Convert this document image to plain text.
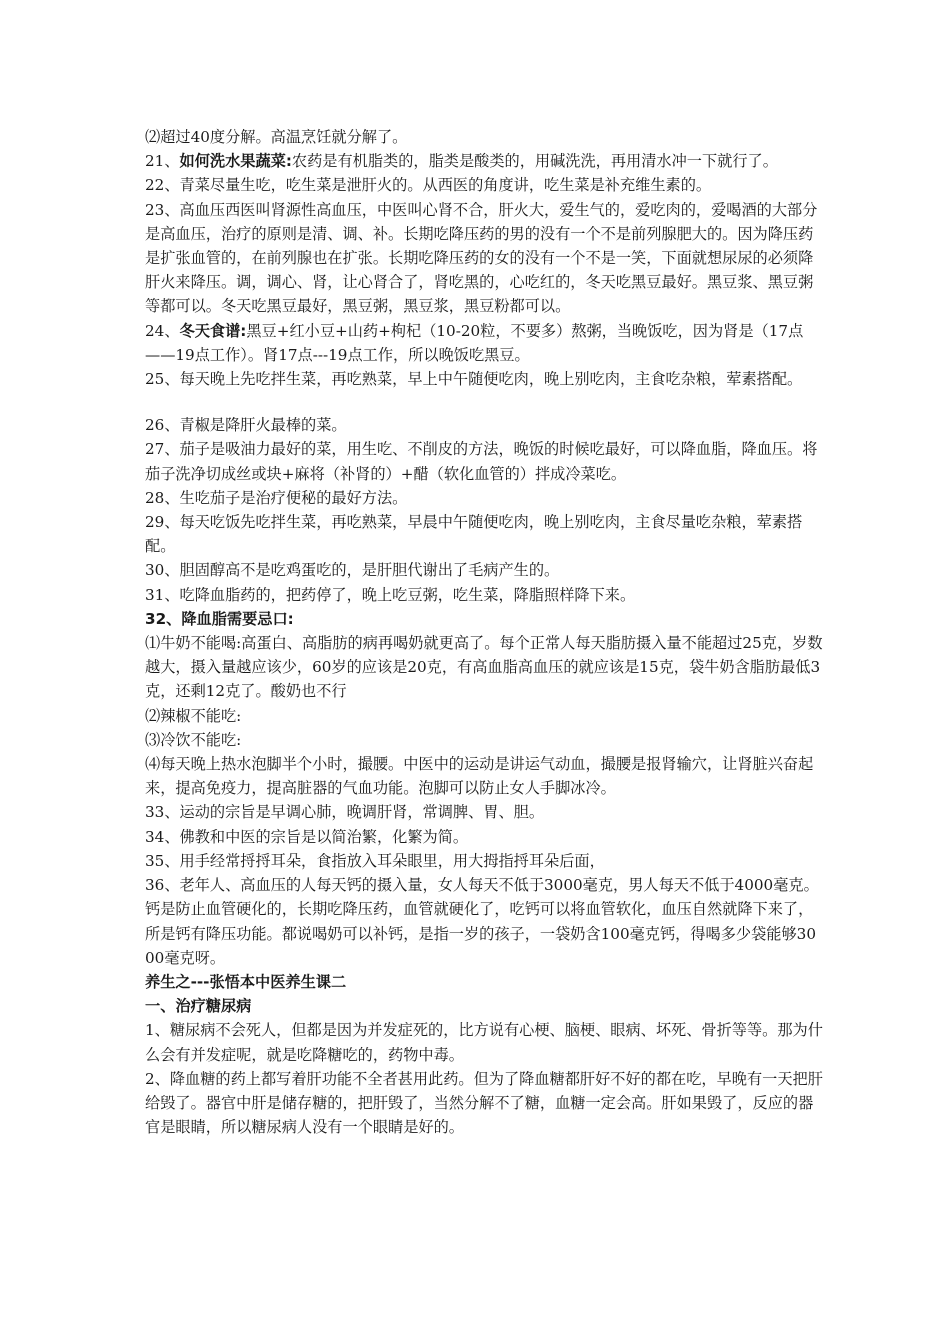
⑵超过40度分解。高温烹饪就分解了。

21、如何洗水果蔬菜:农药是有机脂类的，脂类是酸类的，用碱洗洗，再用清水冲一下就行了。

22、青菜尽量生吃，吃生菜是泄肝火的。从西医的角度讲，吃生菜是补充维生素的。

23、高血压西医叫肾源性高血压，中医叫心肾不合，肝火大，爱生气的，爱吃肉的，爱喝酒的大部分是高血压，治疗的原则是清、调、补。长期吃降压药的男的没有一个不是前列腺肥大的。因为降压药是扩张血管的，在前列腺也在扩张。长期吃降压药的女的没有一个不是一笑，下面就想尿尿的必须降肝火来降压。调，调心、肾，让心肾合了，肾吃黑的，心吃红的，冬天吃黑豆最好。黑豆浆、黑豆粥等都可以。冬天吃黑豆最好，黑豆粥，黑豆浆，黑豆粉都可以。

24、冬天食谱:黑豆+红小豆+山药+枸杞（10-20粒，不要多）熬粥，当晚饭吃，因为肾是（17点——19点工作）。肾17点---19点工作，所以晚饭吃黑豆。

25、每天晚上先吃拌生菜，再吃熟菜，早上中午随便吃肉，晚上别吃肉，主食吃杂粮，荤素搭配。

26、青椒是降肝火最棒的菜。

27、茄子是吸油力最好的菜，用生吃、不削皮的方法，晚饭的时候吃最好，可以降血脂，降血压。将茄子洗净切成丝或块+麻将（补肾的）+醋（软化血管的）拌成冷菜吃。

28、生吃茄子是治疗便秘的最好方法。

29、每天吃饭先吃拌生菜，再吃熟菜，早晨中午随便吃肉，晚上别吃肉，主食尽量吃杂粮，荤素搭配。

30、胆固醇高不是吃鸡蛋吃的，是肝胆代谢出了毛病产生的。

31、吃降血脂药的，把药停了，晚上吃豆粥，吃生菜，降脂照样降下来。

32、降血脂需要忌口:

⑴牛奶不能喝:高蛋白、高脂肪的病再喝奶就更高了。每个正常人每天脂肪摄入量不能超过25克，岁数越大，摄入量越应该少，60岁的应该是20克，有高血脂高血压的就应该是15克，袋牛奶含脂肪最低3克，还剩12克了。酸奶也不行

⑵辣椒不能吃:

⑶冷饮不能吃:

⑷每天晚上热水泡脚半个小时，撮腰。中医中的运动是讲运气动血，撮腰是报肾输穴，让肾脏兴奋起来，提高免疫力，提高脏器的气血功能。泡脚可以防止女人手脚冰冷。

33、运动的宗旨是早调心肺，晚调肝肾，常调脾、胃、胆。

34、佛教和中医的宗旨是以简治繁，化繁为简。

35、用手经常捋捋耳朵，食指放入耳朵眼里，用大拇指捋耳朵后面，

36、老年人、高血压的人每天钙的摄入量，女人每天不低于3000毫克，男人每天不低于4000毫克。钙是防止血管硬化的，长期吃降压药，血管就硬化了，吃钙可以将血管软化，血压自然就降下来了，所是钙有降压功能。都说喝奶可以补钙，是指一岁的孩子，一袋奶含100毫克钙，得喝多少袋能够3000毫克呀。

养生之---张悟本中医养生课二

一、治疗糖尿病

1、糖尿病不会死人，但都是因为并发症死的，比方说有心梗、脑梗、眼病、坏死、骨折等等。那为什么会有并发症呢，就是吃降糖吃的，药物中毒。

2、降血糖的药上都写着肝功能不全者甚用此药。但为了降血糖都肝好不好的都在吃，早晚有一天把肝给毁了。器官中肝是储存糖的，把肝毁了，当然分解不了糖，血糖一定会高。肝如果毁了，反应的器官是眼睛，所以糖尿病人没有一个眼睛是好的。
